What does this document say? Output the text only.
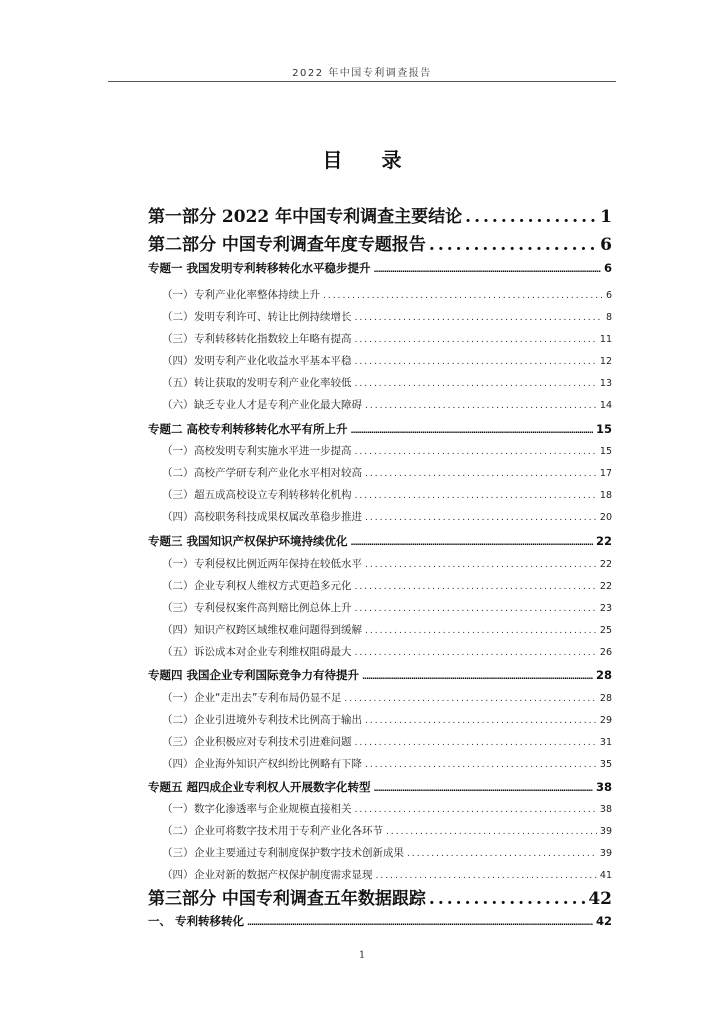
2022 年中国专利调查报告
目 录
第一部分 2022 年中国专利调查主要结论 .....	1
第二部分 中国专利调查年度专题报告 .....	6
专题一 我国发明专利转移转化水平稳步提升 .....	6
（一） 专利产业化率整体持续上升 .....	6
（二） 发明专利许可、转让比例持续增长 .....	8
（三） 专利转移转化指数较上年略有提高 .....	11
（四） 发明专利产业化收益水平基本平稳 .....	12
（五） 转让获取的发明专利产业化率较低 .....	13
（六） 缺乏专业人才是专利产业化最大障碍 .....	14
专题二 高校专利转移转化水平有所上升 .....	15
（一） 高校发明专利实施水平进一步提高 .....	15
（二） 高校产学研专利产业化水平相对较高 .....	17
（三） 超五成高校设立专利转移转化机构 .....	18
（四） 高校职务科技成果权属改革稳步推进 .....	20
专题三 我国知识产权保护环境持续优化 .....	22
（一） 专利侵权比例近两年保持在较低水平 .....	22
（二） 企业专利权人维权方式更趋多元化 .....	22
（三） 专利侵权案件高判赔比例总体上升 .....	23
（四） 知识产权跨区域维权难问题得到缓解 .....	25
（五） 诉讼成本对企业专利维权阻碍最大 .....	26
专题四 我国企业专利国际竞争力有待提升 .....	28
（一） 企业“走出去”专利布局仍显不足 .....	28
（二） 企业引进境外专利技术比例高于输出 .....	29
（三） 企业积极应对专利技术引进难问题 .....	31
（四） 企业海外知识产权纠纷比例略有下降 .....	35
专题五 超四成企业专利权人开展数字化转型 .....	38
（一） 数字化渗透率与企业规模直接相关 .....	38
（二） 企业可将数字技术用于专利产业化各环节 .....	39
（三） 企业主要通过专利制度保护数字技术创新成果 .....	39
（四） 企业对新的数据产权保护制度需求显现 .....	41
第三部分 中国专利调查五年数据跟踪 .....	42
一、 专利转移转化 .....	42
1
